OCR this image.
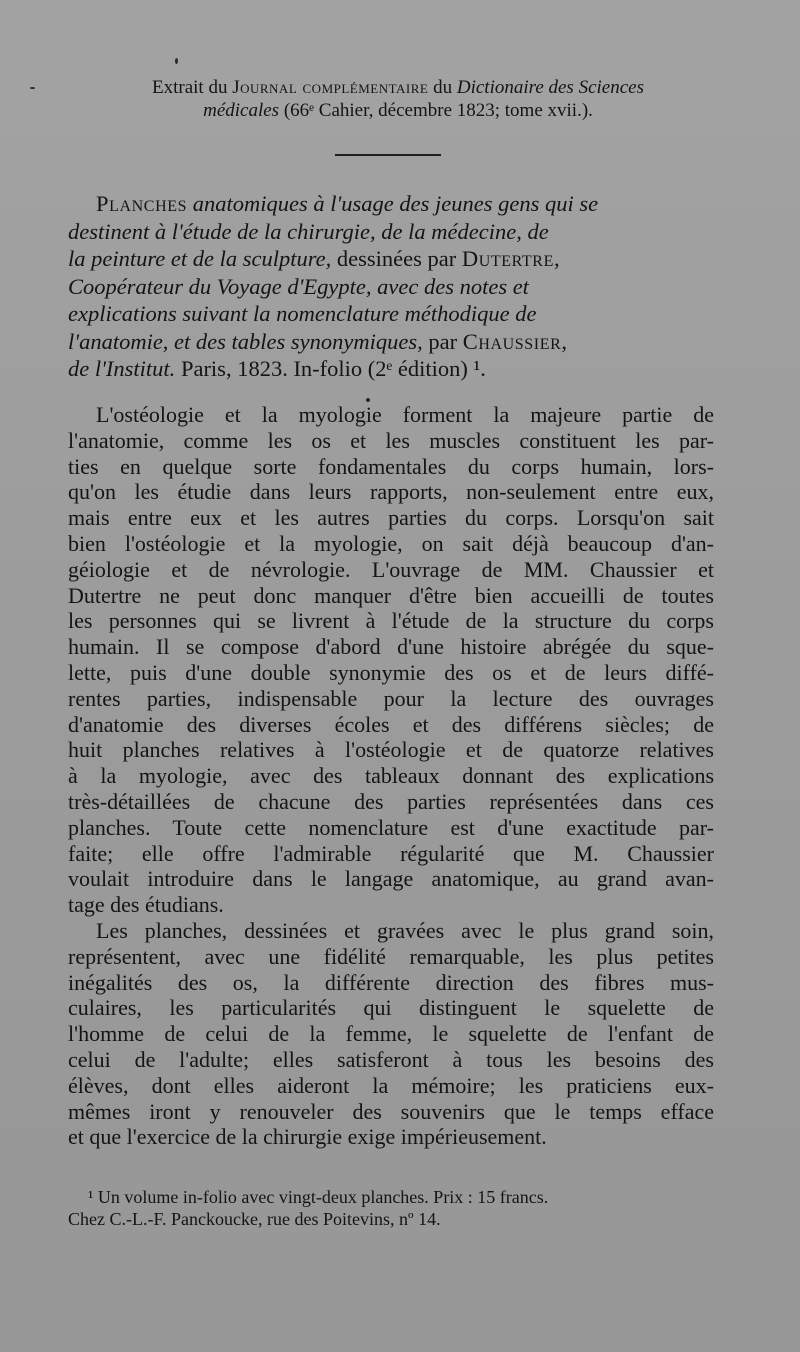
Extrait du Journal complémentaire du Dictionaire des Sciences
médicales (66ᵉ Cahier, décembre 1823; tome xvii.).
Planches anatomiques à l'usage des jeunes gens qui se
destinent à l'étude de la chirurgie, de la médecine, de
la peinture et de la sculpture, dessinées par Dutertre,
Coopérateur du Voyage d'Egypte, avec des notes et
explications suivant la nomenclature méthodique de
l'anatomie, et des tables synonymiques, par Chaussier,
de l'Institut. Paris, 1823. In-folio (2ᵉ édition) ¹.
L'ostéologie et la myologie forment la majeure partie de
l'anatomie, comme les os et les muscles constituent les par-
ties en quelque sorte fondamentales du corps humain, lors-
qu'on les étudie dans leurs rapports, non-seulement entre eux,
mais entre eux et les autres parties du corps. Lorsqu'on sait
bien l'ostéologie et la myologie, on sait déjà beaucoup d'an-
géiologie et de névrologie. L'ouvrage de MM. Chaussier et
Dutertre ne peut donc manquer d'être bien accueilli de toutes
les personnes qui se livrent à l'étude de la structure du corps
humain. Il se compose d'abord d'une histoire abrégée du sque-
lette, puis d'une double synonymie des os et de leurs diffé-
rentes parties, indispensable pour la lecture des ouvrages
d'anatomie des diverses écoles et des différens siècles; de
huit planches relatives à l'ostéologie et de quatorze relatives
à la myologie, avec des tableaux donnant des explications
très-détaillées de chacune des parties représentées dans ces
planches. Toute cette nomenclature est d'une exactitude par-
faite; elle offre l'admirable régularité que M. Chaussier
voulait introduire dans le langage anatomique, au grand avan-
tage des étudians.
Les planches, dessinées et gravées avec le plus grand soin,
représentent, avec une fidélité remarquable, les plus petites
inégalités des os, la différente direction des fibres mus-
culaires, les particularités qui distinguent le squelette de
l'homme de celui de la femme, le squelette de l'enfant de
celui de l'adulte; elles satisferont à tous les besoins des
élèves, dont elles aideront la mémoire; les praticiens eux-
mêmes iront y renouveler des souvenirs que le temps efface
et que l'exercice de la chirurgie exige impérieusement.
¹ Un volume in-folio avec vingt-deux planches. Prix : 15 francs.
Chez C.-L.-F. Panckoucke, rue des Poitevins, nº 14.
